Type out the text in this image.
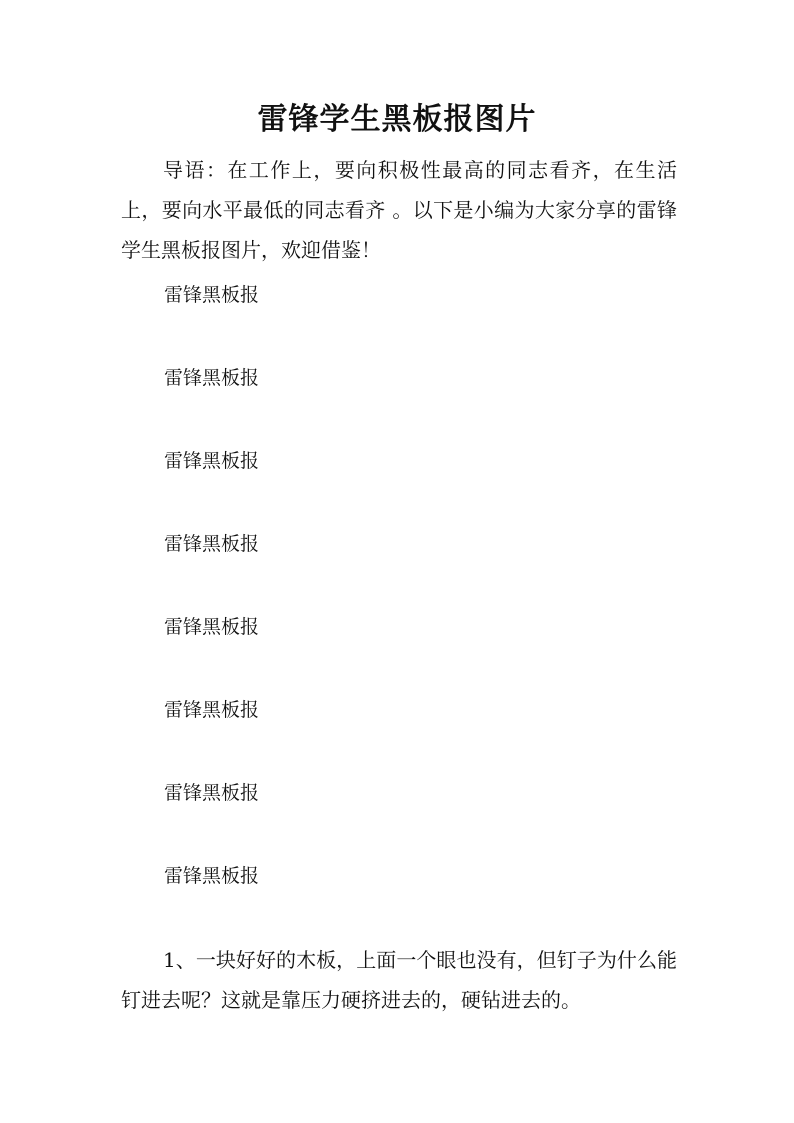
雷锋学生黑板报图片
导语：在工作上，要向积极性最高的同志看齐，在生活上，要向水平最低的同志看齐 。以下是小编为大家分享的雷锋学生黑板报图片，欢迎借鉴！
雷锋黑板报
雷锋黑板报
雷锋黑板报
雷锋黑板报
雷锋黑板报
雷锋黑板报
雷锋黑板报
雷锋黑板报
1、一块好好的木板，上面一个眼也没有，但钉子为什么能钉进去呢？这就是靠压力硬挤进去的，硬钻进去的。
